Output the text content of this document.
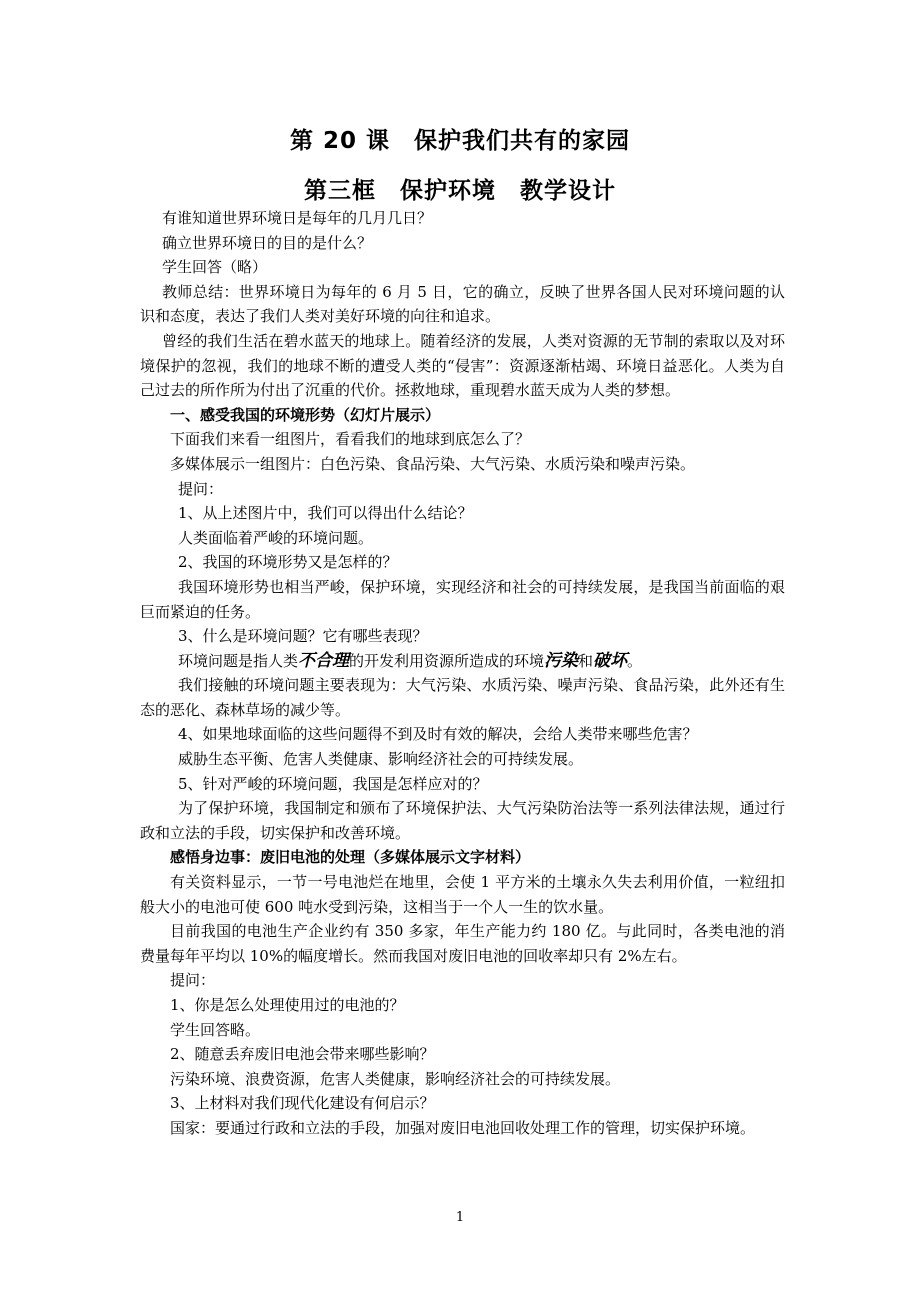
第 20 课　保护我们共有的家园
第三框　保护环境　教学设计

有谁知道世界环境日是每年的几月几日？

确立世界环境日的目的是什么？

学生回答（略）

教师总结：世界环境日为每年的 6 月 5 日，它的确立，反映了世界各国人民对环境问题的认识和态度，表达了我们人类对美好环境的向往和追求。

曾经的我们生活在碧水蓝天的地球上。随着经济的发展，人类对资源的无节制的索取以及对环境保护的忽视，我们的地球不断的遭受人类的“侵害”：资源逐渐枯竭、环境日益恶化。人类为自己过去的所作所为付出了沉重的代价。拯救地球，重现碧水蓝天成为人类的梦想。

一、感受我国的环境形势（幻灯片展示）

下面我们来看一组图片，看看我们的地球到底怎么了？

多媒体展示一组图片：白色污染、食品污染、大气污染、水质污染和噪声污染。

提问：

1、从上述图片中，我们可以得出什么结论？

人类面临着严峻的环境问题。

2、我国的环境形势又是怎样的？

我国环境形势也相当严峻，保护环境，实现经济和社会的可持续发展，是我国当前面临的艰巨而紧迫的任务。

3、什么是环境问题？它有哪些表现？

环境问题是指人类不合理的开发利用资源所造成的环境污染和破坏。

我们接触的环境问题主要表现为：大气污染、水质污染、噪声污染、食品污染，此外还有生态的恶化、森林草场的减少等。

4、如果地球面临的这些问题得不到及时有效的解决，会给人类带来哪些危害？

威胁生态平衡、危害人类健康、影响经济社会的可持续发展。

5、针对严峻的环境问题，我国是怎样应对的？

为了保护环境，我国制定和颁布了环境保护法、大气污染防治法等一系列法律法规，通过行政和立法的手段，切实保护和改善环境。

感悟身边事：废旧电池的处理（多媒体展示文字材料）

有关资料显示，一节一号电池烂在地里，会使 1 平方米的土壤永久失去利用价值，一粒纽扣般大小的电池可使 600 吨水受到污染，这相当于一个人一生的饮水量。

目前我国的电池生产企业约有 350 多家，年生产能力约 180 亿。与此同时，各类电池的消费量每年平均以 10%的幅度增长。然而我国对废旧电池的回收率却只有 2%左右。

提问：

1、你是怎么处理使用过的电池的？

学生回答略。

2、随意丢弃废旧电池会带来哪些影响？

污染环境、浪费资源，危害人类健康，影响经济社会的可持续发展。

3、上材料对我们现代化建设有何启示？

国家：要通过行政和立法的手段，加强对废旧电池回收处理工作的管理，切实保护环境。

1
